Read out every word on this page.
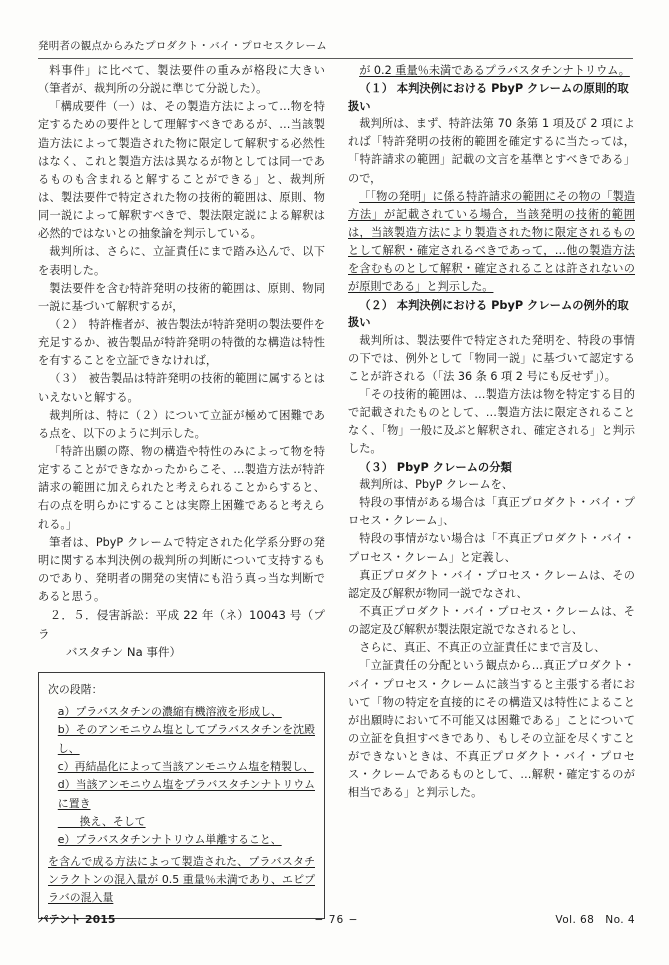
発明者の観点からみたプロダクト・バイ・プロセスクレーム

料事件」に比べて、製法要件の重みが格段に大きい（筆者が、裁判所の分説に準じて分説した）。

「構成要件（一）は、その製造方法によって…物を特定するための要件として理解すべきであるが、…当該製造方法によって製造された物に限定して解釈する必然性はなく、これと製造方法は異なるが物としては同一であるものも含まれると解することができる」と、裁判所は、製法要件で特定された物の技術的範囲は、原則、物同一説によって解釈すべきで、製法限定説による解釈は必然的ではないとの抽象論を判示している。

裁判所は、さらに、立証責任にまで踏み込んで、以下を表明した。

製法要件を含む特許発明の技術的範囲は、原則、物同一説に基づいて解釈するが，

（２）　特許権者が、被告製法が特許発明の製法要件を充足するか、被告製品が特許発明の特徴的な構造は特性を有することを立証できなければ，

（３）　被告製品は特許発明の技術的範囲に属するとはいえないと解する。

裁判所は、特に（２）について立証が極めて困難である点を、以下のように判示した。

「特許出願の際、物の構造や特性のみによって物を特定することができなかったからこそ、…製造方法が特許請求の範囲に加えられたと考えられることからすると、右の点を明らかにすることは実際上困難であると考えられる。」

筆者は、PbyP クレームで特定された化学系分野の発明に関する本判決例の裁判所の判断について支持するものであり、発明者の開発の実情にも沿う真っ当な判断であると思う。

２．５．侵害訴訟：平成 22 年（ネ）10043 号（プラ
バスタチン Na 事件）

次の段階：

a）プラバスタチンの濃縮有機溶液を形成し、

b）そのアンモニウム塩としてプラバスタチンを沈殿し、

c）再結晶化によって当該アンモニウム塩を精製し、

d）当該アンモニウム塩をプラバスタチンナトリウムに置き

　　換え、そして

e）プラバスタチンナトリウム単離すること、

を含んで成る方法によって製造された、プラバスタチンラクトンの混入量が 0.5 重量％未満であり、エピプラバの混入量

が 0.2 重量％未満であるプラバスタチンナトリウム。

（１） 本判決例における PbyP クレームの原則的取

扱い

裁判所は、まず、特許法第 70 条第 1 項及び 2 項によれば「特許発明の技術的範囲を確定するに当たっては，「特許請求の範囲」記載の文言を基準とすべきである」ので，

「「物の発明」に係る特許請求の範囲にその物の「製造方法」が記載されている場合，当該発明の技術的範囲は，当該製造方法により製造された物に限定されるものとして解釈・確定されるべきであって，…他の製造方法を含むものとして解釈・確定されることは許されないのが原則である」と判示した。

（２） 本判決例における PbyP クレームの例外的取

扱い

裁判所は、製法要件で特定された発明を、特段の事情の下では、例外として「物同一説」に基づいて認定することが許される（「法 36 条 6 項 2 号にも反せず」）。

「その技術的範囲は、…製造方法は物を特定する目的で記載されたものとして、…製造方法に限定されることなく、「物」一般に及ぶと解釈され、確定される」と判示した。

（３） PbyP クレームの分類

裁判所は、PbyP クレームを、

特段の事情がある場合は「真正プロダクト・バイ・プロセス・クレーム」、

特段の事情がない場合は「不真正プロダクト・バイ・プロセス・クレーム」と定義し、

真正プロダクト・バイ・プロセス・クレームは、その認定及び解釈が物同一説でなされ、

不真正プロダクト・バイ・プロセス・クレームは、その認定及び解釈が製法限定説でなされるとし、

さらに、真正、不真正の立証責任にまで言及し、

「立証責任の分配という観点から…真正プロダクト・バイ・プロセス・クレームに該当すると主張する者において「物の特定を直接的にその構造又は特性によることが出願時において不可能又は困難である」ことについての立証を負担すべきであり、もしその立証を尽くすことができないときは、不真正プロダクト・バイ・プロセス・クレームであるものとして、…解釈・確定するのが相当である」と判示した。

パテント 2015	− 76 −	Vol. 68　No. 4
